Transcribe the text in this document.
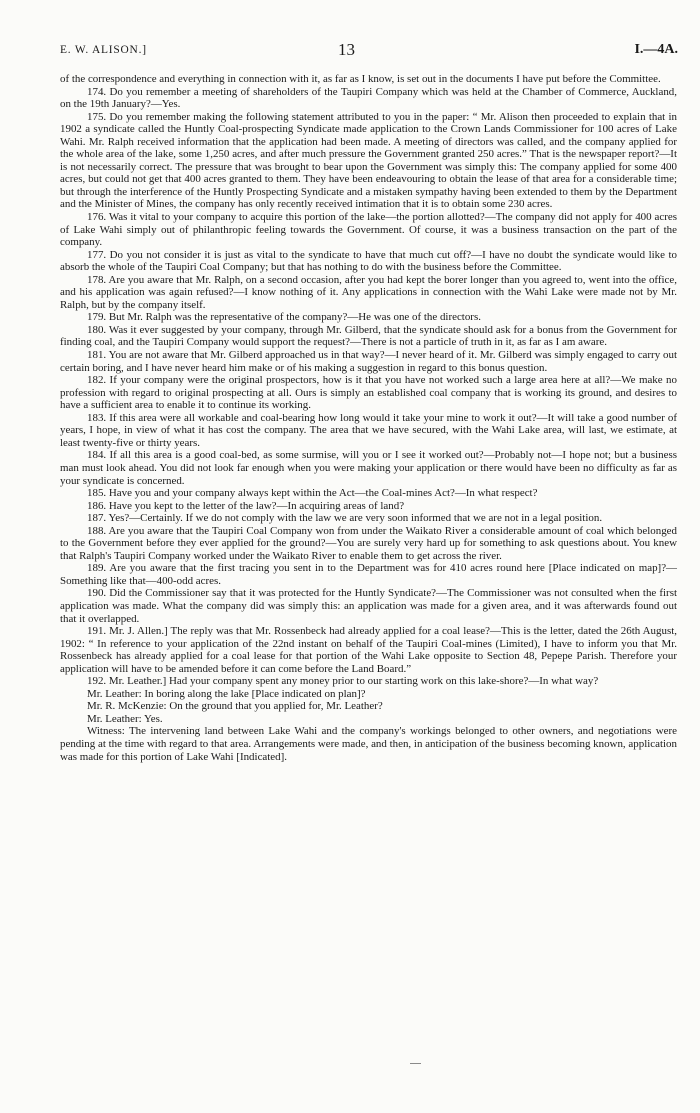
E. W. ALISON.]	13	I.—4A.

of the correspondence and everything in connection with it, as far as I know, is set out in the documents I have put before the Committee.

174. Do you remember a meeting of shareholders of the Taupiri Company which was held at the Chamber of Commerce, Auckland, on the 19th January?—Yes.

175. Do you remember making the following statement attributed to you in the paper: “ Mr. Alison then proceeded to explain that in 1902 a syndicate called the Huntly Coal-prospecting Syndicate made application to the Crown Lands Commissioner for 100 acres of Lake Wahi. Mr. Ralph received information that the application had been made. A meeting of directors was called, and the company applied for the whole area of the lake, some 1,250 acres, and after much pressure the Government granted 250 acres.” That is the newspaper report?—It is not necessarily correct. The pressure that was brought to bear upon the Government was simply this: The company applied for some 400 acres, but could not get that 400 acres granted to them. They have been endeavouring to obtain the lease of that area for a considerable time; but through the interference of the Huntly Prospecting Syndicate and a mistaken sympathy having been extended to them by the Department and the Minister of Mines, the company has only recently received intimation that it is to obtain some 230 acres.

176. Was it vital to your company to acquire this portion of the lake—the portion allotted?—The company did not apply for 400 acres of Lake Wahi simply out of philanthropic feeling towards the Government. Of course, it was a business transaction on the part of the company.

177. Do you not consider it is just as vital to the syndicate to have that much cut off?—I have no doubt the syndicate would like to absorb the whole of the Taupiri Coal Company; but that has nothing to do with the business before the Committee.

178. Are you aware that Mr. Ralph, on a second occasion, after you had kept the borer longer than you agreed to, went into the office, and his application was again refused?—I know nothing of it. Any applications in connection with the Wahi Lake were made not by Mr. Ralph, but by the company itself.

179. But Mr. Ralph was the representative of the company?—He was one of the directors.

180. Was it ever suggested by your company, through Mr. Gilberd, that the syndicate should ask for a bonus from the Government for finding coal, and the Taupiri Company would support the request?—There is not a particle of truth in it, as far as I am aware.

181. You are not aware that Mr. Gilberd approached us in that way?—I never heard of it. Mr. Gilberd was simply engaged to carry out certain boring, and I have never heard him make or of his making a suggestion in regard to this bonus question.

182. If your company were the original prospectors, how is it that you have not worked such a large area here at all?—We make no profession with regard to original prospecting at all. Ours is simply an established coal company that is working its ground, and desires to have a sufficient area to enable it to continue its working.

183. If this area were all workable and coal-bearing how long would it take your mine to work it out?—It will take a good number of years, I hope, in view of what it has cost the company. The area that we have secured, with the Wahi Lake area, will last, we estimate, at least twenty-five or thirty years.

184. If all this area is a good coal-bed, as some surmise, will you or I see it worked out?—Probably not—I hope not; but a business man must look ahead. You did not look far enough when you were making your application or there would have been no difficulty as far as your syndicate is concerned.

185. Have you and your company always kept within the Act—the Coal-mines Act?—In what respect?

186. Have you kept to the letter of the law?—In acquiring areas of land?

187. Yes?—Certainly. If we do not comply with the law we are very soon informed that we are not in a legal position.

188. Are you aware that the Taupiri Coal Company won from under the Waikato River a considerable amount of coal which belonged to the Government before they ever applied for the ground?—You are surely very hard up for something to ask questions about. You knew that Ralph's Taupiri Company worked under the Waikato River to enable them to get across the river.

189. Are you aware that the first tracing you sent in to the Department was for 410 acres round here [Place indicated on map]?—Something like that—400-odd acres.

190. Did the Commissioner say that it was protected for the Huntly Syndicate?—The Commissioner was not consulted when the first application was made. What the company did was simply this: an application was made for a given area, and it was afterwards found out that it overlapped.

191. Mr. J. Allen.] The reply was that Mr. Rossenbeck had already applied for a coal lease?—This is the letter, dated the 26th August, 1902: “ In reference to your application of the 22nd instant on behalf of the Taupiri Coal-mines (Limited), I have to inform you that Mr. Rossenbeck has already applied for a coal lease for that portion of the Wahi Lake opposite to Section 48, Pepepe Parish. Therefore your application will have to be amended before it can come before the Land Board.”

192. Mr. Leather.] Had your company spent any money prior to our starting work on this lake-shore?—In what way?

Mr. Leather: In boring along the lake [Place indicated on plan]?

Mr. R. McKenzie: On the ground that you applied for, Mr. Leather?

Mr. Leather: Yes.

Witness: The intervening land between Lake Wahi and the company's workings belonged to other owners, and negotiations were pending at the time with regard to that area. Arrangements were made, and then, in anticipation of the business becoming known, application was made for this portion of Lake Wahi [Indicated].
